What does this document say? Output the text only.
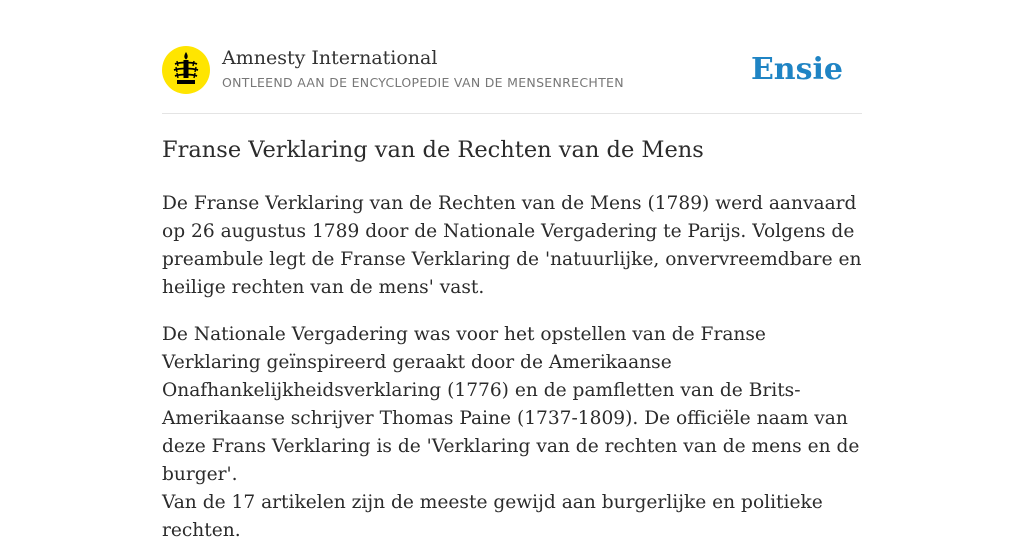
Amnesty International
ONTLEEND AAN DE ENCYCLOPEDIE VAN DE MENSENRECHTEN	Ensie
Franse Verklaring van de Rechten van de Mens

De Franse Verklaring van de Rechten van de Mens (1789) werd aanvaard op 26 augustus 1789 door de Nationale Vergadering te Parijs. Volgens de preambule legt de Franse Verklaring de 'natuurlijke, onvervreemdbare en heilige rechten van de mens' vast.

De Nationale Vergadering was voor het opstellen van de Franse Verklaring geïnspireerd geraakt door de Amerikaanse Onafhankelijkheidsverklaring (1776) en de pamfletten van de Brits-Amerikaanse schrijver Thomas Paine (1737-1809). De officiële naam van deze Frans Verklaring is de 'Verklaring van de rechten van de mens en de burger'.

Van de 17 artikelen zijn de meeste gewijd aan burgerlijke en politieke rechten.
